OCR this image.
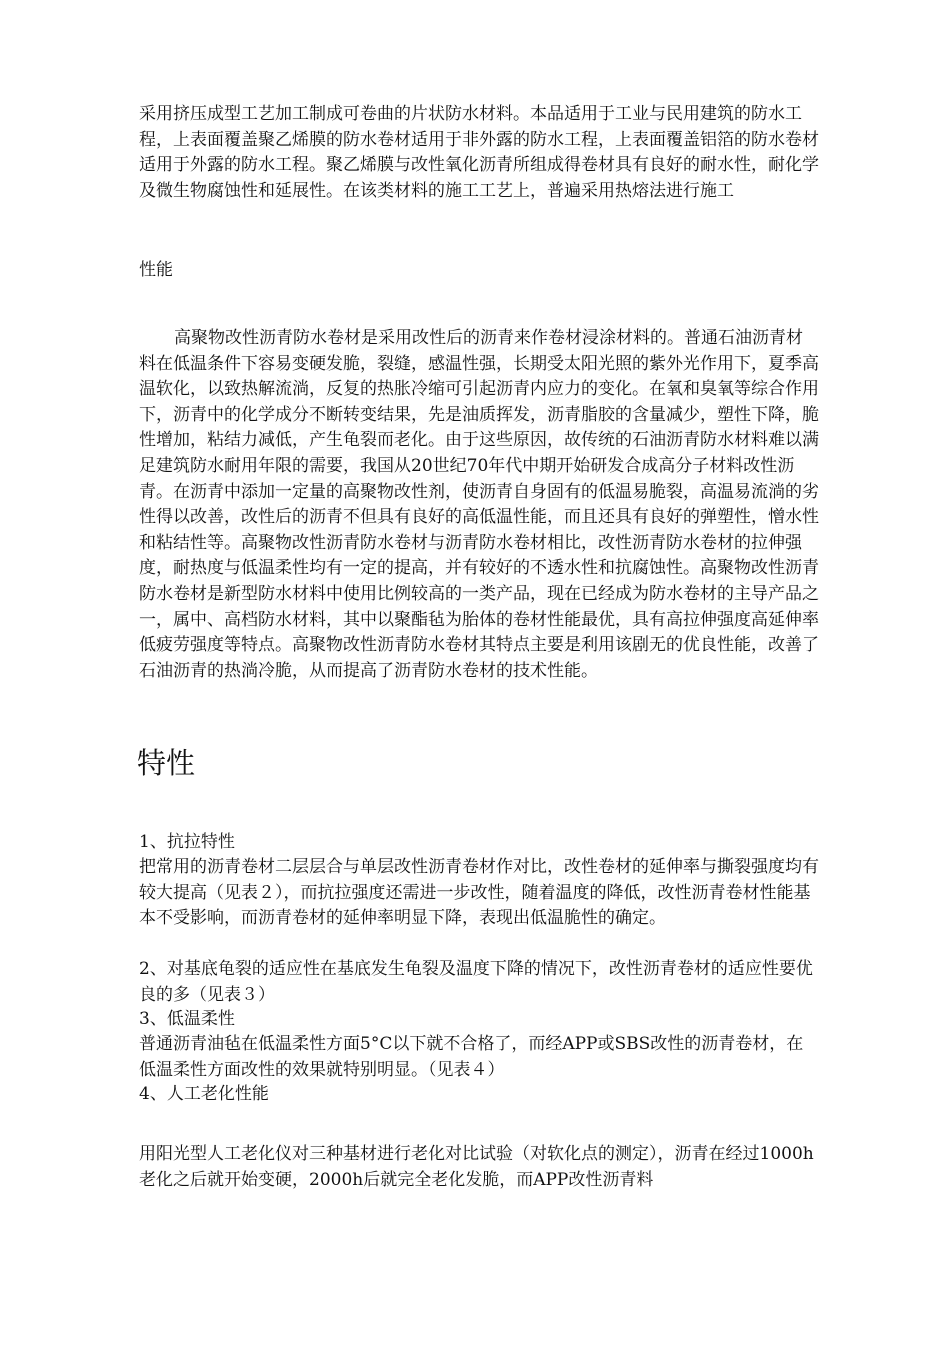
采用挤压成型工艺加工制成可卷曲的片状防水材料。本品适用于工业与民用建筑的防水工程，上表面覆盖聚乙烯膜的防水卷材适用于非外露的防水工程，上表面覆盖铝箔的防水卷材适用于外露的防水工程。聚乙烯膜与改性氧化沥青所组成得卷材具有良好的耐水性，耐化学及微生物腐蚀性和延展性。在该类材料的施工工艺上，普遍采用热熔法进行施工

性能

高聚物改性沥青防水卷材是采用改性后的沥青来作卷材浸涂材料的。普通石油沥青材料在低温条件下容易变硬发脆，裂缝，感温性强，长期受太阳光照的紫外光作用下，夏季高温软化，以致热解流淌，反复的热胀冷缩可引起沥青内应力的变化。在氧和臭氧等综合作用下，沥青中的化学成分不断转变结果，先是油质挥发，沥青脂胶的含量减少，塑性下降，脆性增加，粘结力减低，产生龟裂而老化。由于这些原因，故传统的石油沥青防水材料难以满足建筑防水耐用年限的需要，我国从20世纪70年代中期开始研发合成高分子材料改性沥青。在沥青中添加一定量的高聚物改性剂，使沥青自身固有的低温易脆裂，高温易流淌的劣性得以改善，改性后的沥青不但具有良好的高低温性能，而且还具有良好的弹塑性，憎水性和粘结性等。高聚物改性沥青防水卷材与沥青防水卷材相比，改性沥青防水卷材的拉伸强度，耐热度与低温柔性均有一定的提高，并有较好的不透水性和抗腐蚀性。高聚物改性沥青防水卷材是新型防水材料中使用比例较高的一类产品，现在已经成为防水卷材的主导产品之一，属中、高档防水材料，其中以聚酯毡为胎体的卷材性能最优，具有高拉伸强度高延伸率低疲劳强度等特点。高聚物改性沥青防水卷材其特点主要是利用该剧无的优良性能，改善了石油沥青的热淌冷脆，从而提高了沥青防水卷材的技术性能。

特性

1、抗拉特性

把常用的沥青卷材二层层合与单层改性沥青卷材作对比，改性卷材的延伸率与撕裂强度均有较大提高（见表２），而抗拉强度还需进一步改性，随着温度的降低，改性沥青卷材性能基本不受影响，而沥青卷材的延伸率明显下降，表现出低温脆性的确定。

2、对基底龟裂的适应性在基底发生龟裂及温度下降的情况下，改性沥青卷材的适应性要优良的多（见表３）

3、低温柔性

普通沥青油毡在低温柔性方面5°C以下就不合格了，而经APP或SBS改性的沥青卷材，在低温柔性方面改性的效果就特别明显。（见表４）

4、人工老化性能

用阳光型人工老化仪对三种基材进行老化对比试验（对软化点的测定），沥青在经过1000h老化之后就开始变硬，2000h后就完全老化发脆，而APP改性沥青料
